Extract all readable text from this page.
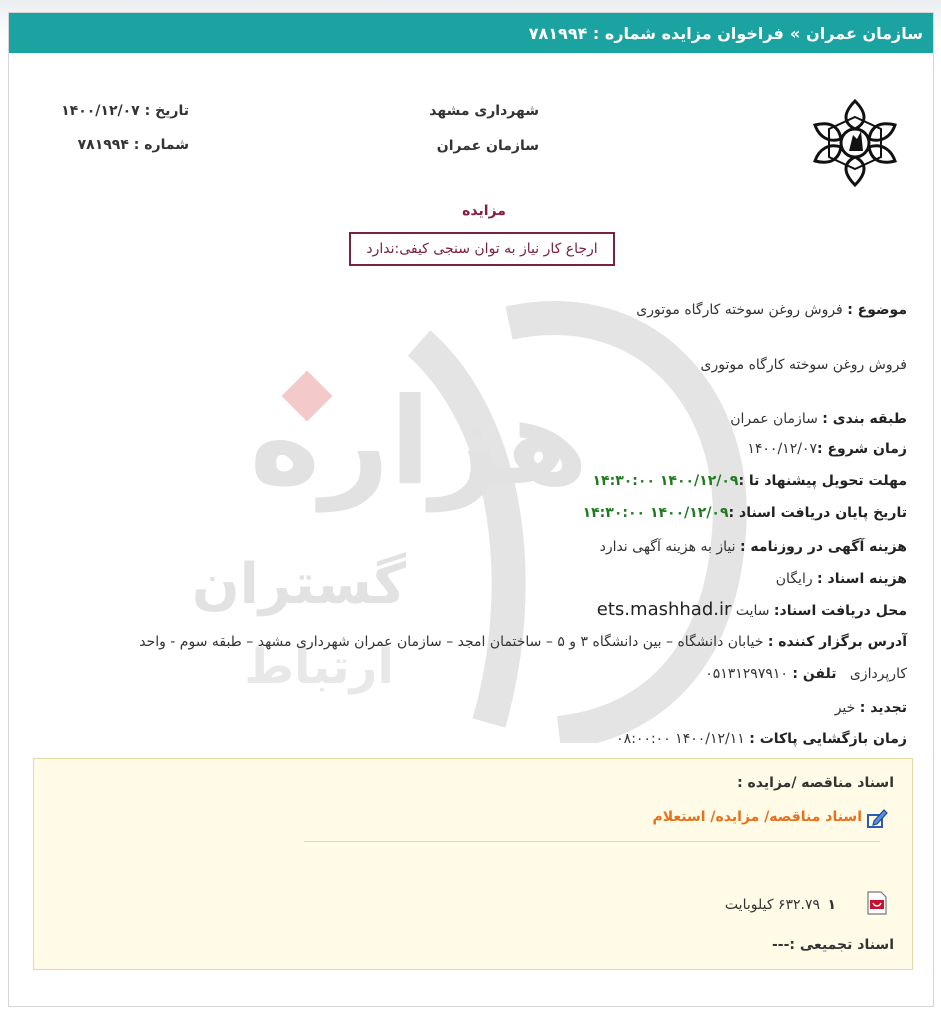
سازمان عمران
»
فراخوان مزایده شماره : ۷۸۱۹۹۴
هزاره
گستران
ارتباط
شهرداری مشهد
سازمان عمران
تاریخ : ۱۴۰۰/۱۲/۰۷
شماره : ۷۸۱۹۹۴
مزایده
ارجاع کار نیاز به توان سنجی کیفی:ندارد
موضوع : فروش روغن سوخته کارگاه موتوری
فروش روغن سوخته کارگاه موتوری
طبقه بندی : سازمان عمران
زمان شروع :۱۴۰۰/۱۲/۰۷
مهلت تحویل پیشنهاد تا :۱۴۰۰/۱۲/۰۹ ۱۴:۳۰:۰۰
تاریخ پایان دریافت اسناد :۱۴۰۰/۱۲/۰۹ ۱۴:۳۰:۰۰
هزینه آگهی در روزنامه : نیاز به هزینه آگهی ندارد
هزینه اسناد : رایگان
محل دریافت اسناد: سایت ets.mashhad.ir
آدرس برگزار کننده : خیابان دانشگاه – بین دانشگاه ۳ و ۵ – ساختمان امجد – سازمان عمران شهرداری مشهد – طبقه سوم - واحد
کارپردازی   تلفن : ۰۵۱۳۱۲۹۷۹۱۰
تجدید : خیر
زمان بازگشایی پاکات : ۱۴۰۰/۱۲/۱۱ ۰۸:۰۰:۰۰
اسناد مناقصه /مزایده :
اسناد مناقصه/ مزایده/ استعلام
۱
۶۳۲.۷۹ کیلوبایت
اسناد تجمیعی :---
